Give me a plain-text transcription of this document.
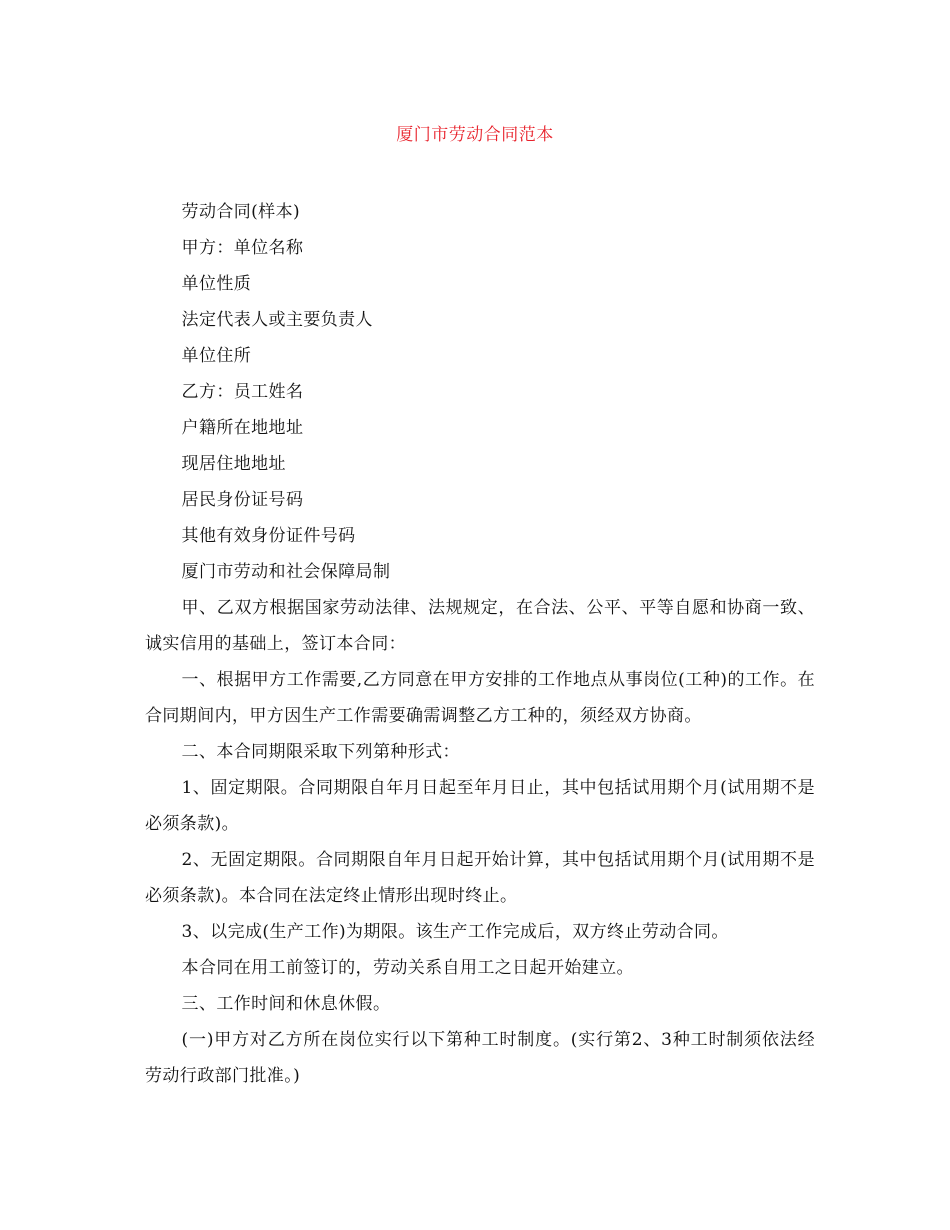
厦门市劳动合同范本

劳动合同(样本)

甲方：单位名称

单位性质

法定代表人或主要负责人

单位住所

乙方：员工姓名

户籍所在地地址

现居住地地址

居民身份证号码

其他有效身份证件号码

厦门市劳动和社会保障局制

甲、乙双方根据国家劳动法律、法规规定，在合法、公平、平等自愿和协商一致、诚实信用的基础上，签订本合同：

一、根据甲方工作需要,乙方同意在甲方安排的工作地点从事岗位(工种)的工作。在合同期间内，甲方因生产工作需要确需调整乙方工种的，须经双方协商。

二、本合同期限采取下列第种形式：

1、固定期限。合同期限自年月日起至年月日止，其中包括试用期个月(试用期不是必须条款)。

2、无固定期限。合同期限自年月日起开始计算，其中包括试用期个月(试用期不是必须条款)。本合同在法定终止情形出现时终止。

3、以完成(生产工作)为期限。该生产工作完成后，双方终止劳动合同。

本合同在用工前签订的，劳动关系自用工之日起开始建立。

三、工作时间和休息休假。

(一)甲方对乙方所在岗位实行以下第种工时制度。(实行第2、3种工时制须依法经劳动行政部门批准。)
